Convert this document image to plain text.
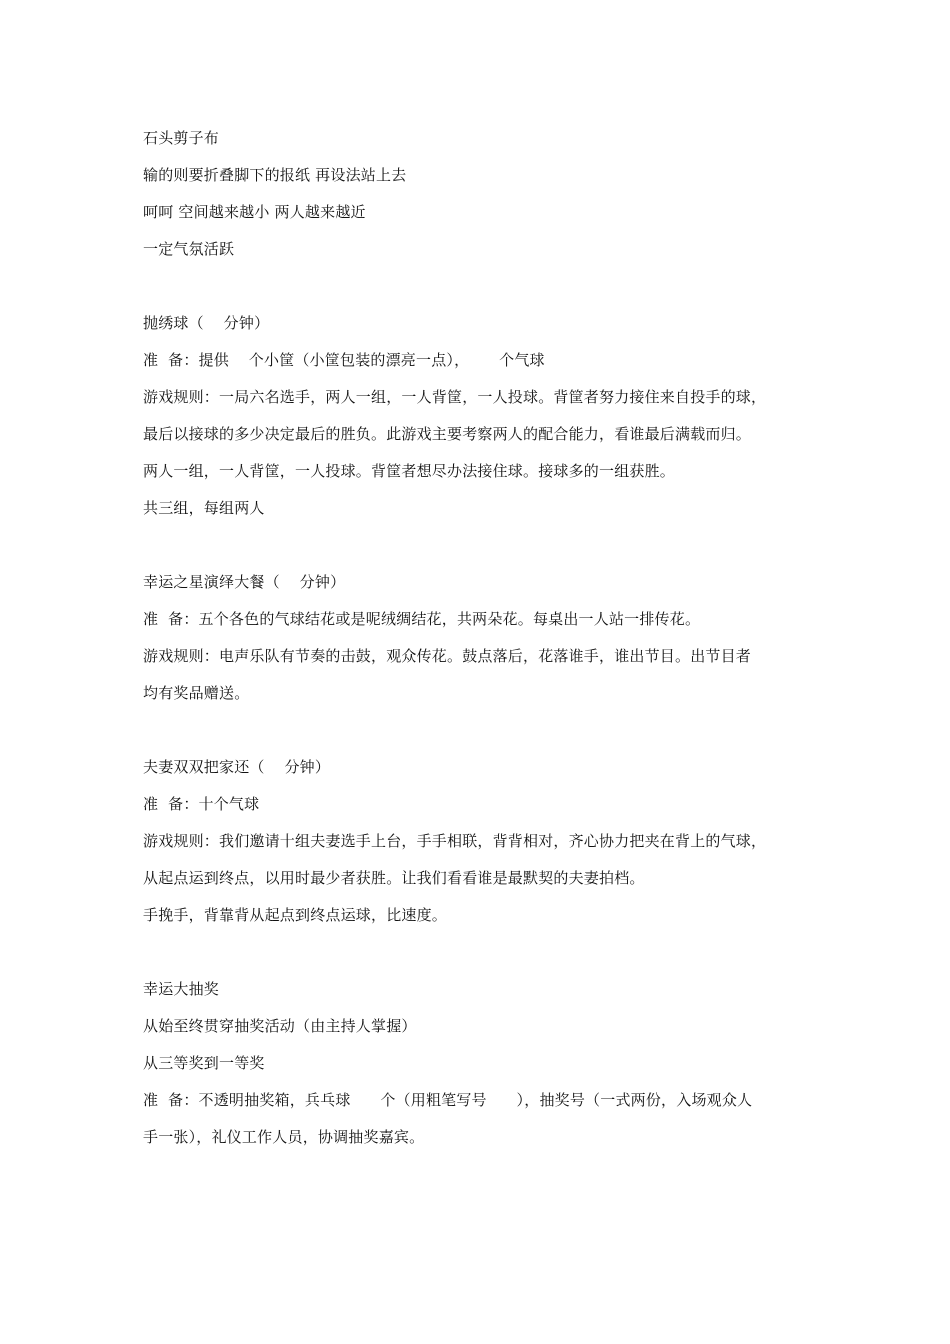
石头剪子布
输的则要折叠脚下的报纸 再设法站上去
呵呵 空间越来越小 两人越来越近
一定气氛活跃
抛绣球（    分钟）
准  备：提供    个小筐（小筐包装的漂亮一点），      个气球
游戏规则：一局六名选手，两人一组，一人背筐，一人投球。背筐者努力接住来自投手的球，
最后以接球的多少决定最后的胜负。此游戏主要考察两人的配合能力，看谁最后满载而归。
两人一组，一人背筐，一人投球。背筐者想尽办法接住球。接球多的一组获胜。
共三组，每组两人
幸运之星演绎大餐（    分钟）
准  备：五个各色的气球结花或是呢绒绸结花，共两朵花。每桌出一人站一排传花。
游戏规则：电声乐队有节奏的击鼓，观众传花。鼓点落后，花落谁手，谁出节目。出节目者
均有奖品赠送。
夫妻双双把家还（    分钟）
准  备：十个气球
游戏规则：我们邀请十组夫妻选手上台，手手相联，背背相对，齐心协力把夹在背上的气球，
从起点运到终点，以用时最少者获胜。让我们看看谁是最默契的夫妻拍档。
手挽手，背靠背从起点到终点运球，比速度。
幸运大抽奖
从始至终贯穿抽奖活动（由主持人掌握）
从三等奖到一等奖
准  备：不透明抽奖箱，兵乓球      个（用粗笔写号      ），抽奖号（一式两份，入场观众人
手一张），礼仪工作人员，协调抽奖嘉宾。
